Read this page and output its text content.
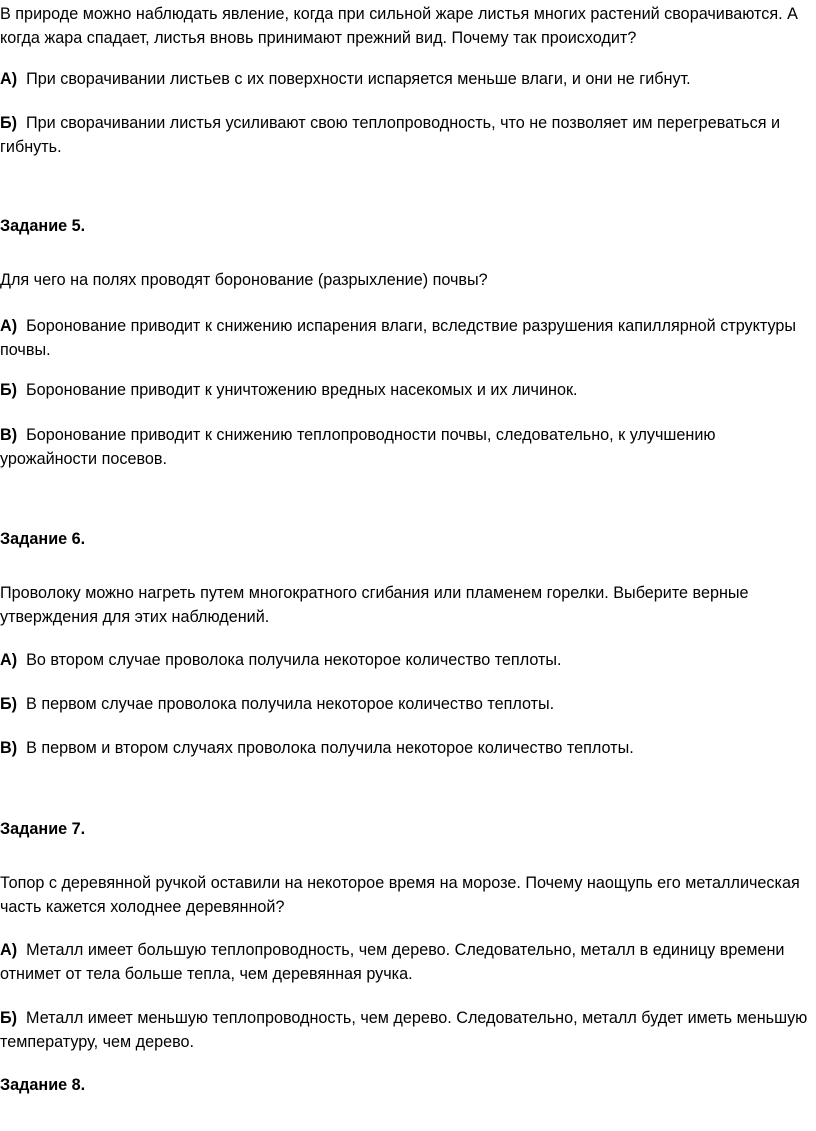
В природе можно наблюдать явление, когда при сильной жаре листья многих растений сворачиваются. А когда жара спадает, листья вновь принимают прежний вид. Почему так происходит?

А) При сворачивании листьев с их поверхности испаряется меньше влаги, и они не гибнут.

Б) При сворачивании листья усиливают свою теплопроводность, что не позволяет им перегреваться и гибнуть.

Задание 5.

Для чего на полях проводят боронование (разрыхление) почвы?

А) Боронование приводит к снижению испарения влаги, вследствие разрушения капиллярной структуры почвы.

Б) Боронование приводит к уничтожению вредных насекомых и их личинок.

В) Боронование приводит к снижению теплопроводности почвы, следовательно, к улучшению урожайности посевов.

Задание 6.

Проволоку можно нагреть путем многократного сгибания или пламенем горелки. Выберите верные утверждения для этих наблюдений.

А) Во втором случае проволока получила некоторое количество теплоты.

Б) В первом случае проволока получила некоторое количество теплоты.

В) В первом и втором случаях проволока получила некоторое количество теплоты.

Задание 7.

Топор с деревянной ручкой оставили на некоторое время на морозе. Почему наощупь его металлическая часть кажется холоднее деревянной?

А) Металл имеет большую теплопроводность, чем дерево. Следовательно, металл в единицу времени отнимет от тела больше тепла, чем деревянная ручка.

Б) Металл имеет меньшую теплопроводность, чем дерево. Следовательно, металл будет иметь меньшую температуру, чем дерево.

Задание 8.
